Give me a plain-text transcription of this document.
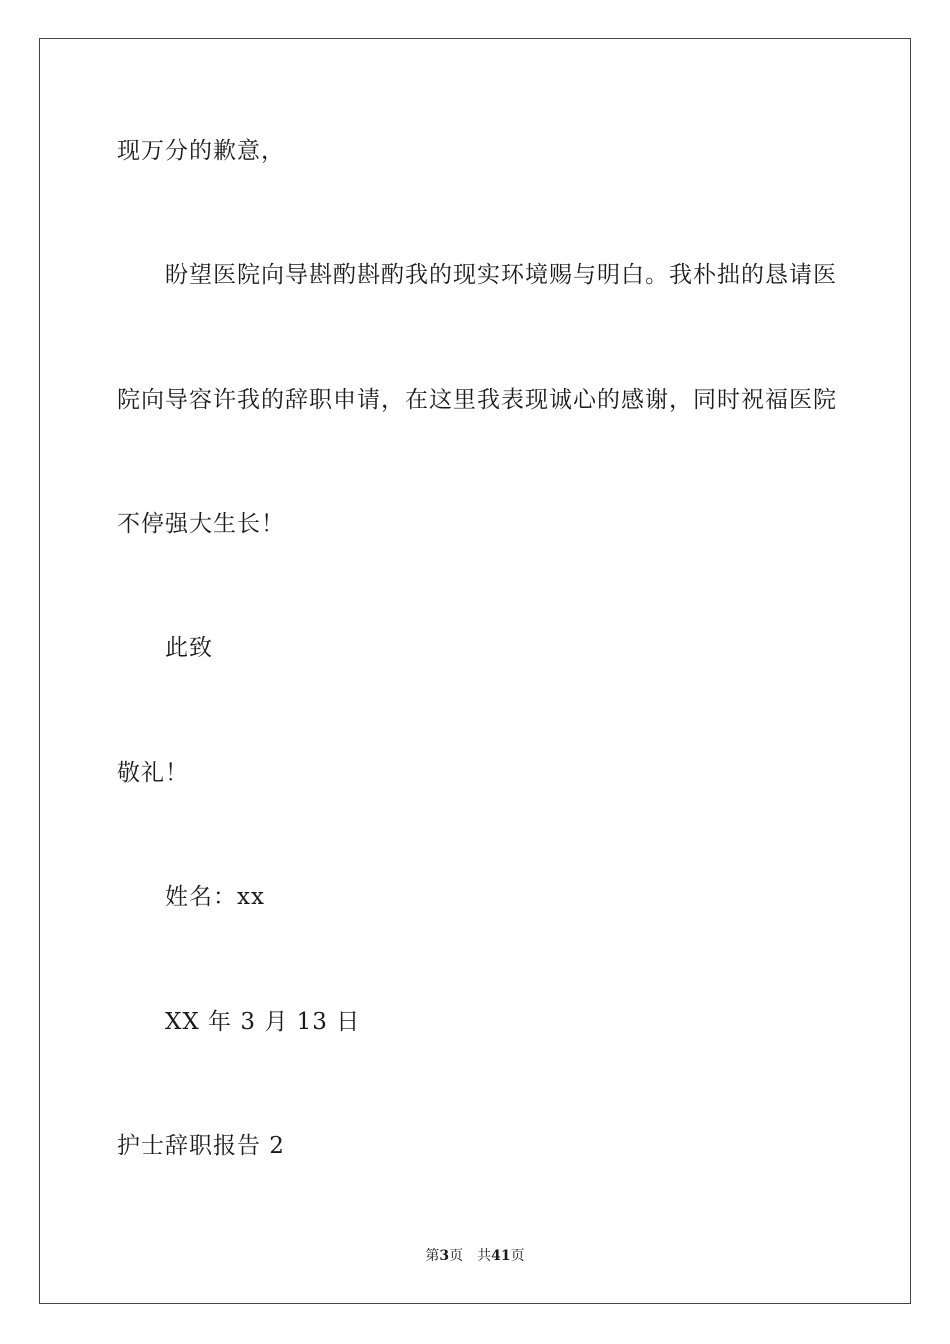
现万分的歉意，
盼望医院向导斟酌斟酌我的现实环境赐与明白。我朴拙的恳请医
院向导容许我的辞职申请，在这里我表现诚心的感谢，同时祝福医院
不停强大生长！
此致
敬礼！
姓名：xx
XX 年 3 月 13 日
护士辞职报告 2
第3页 共41页
